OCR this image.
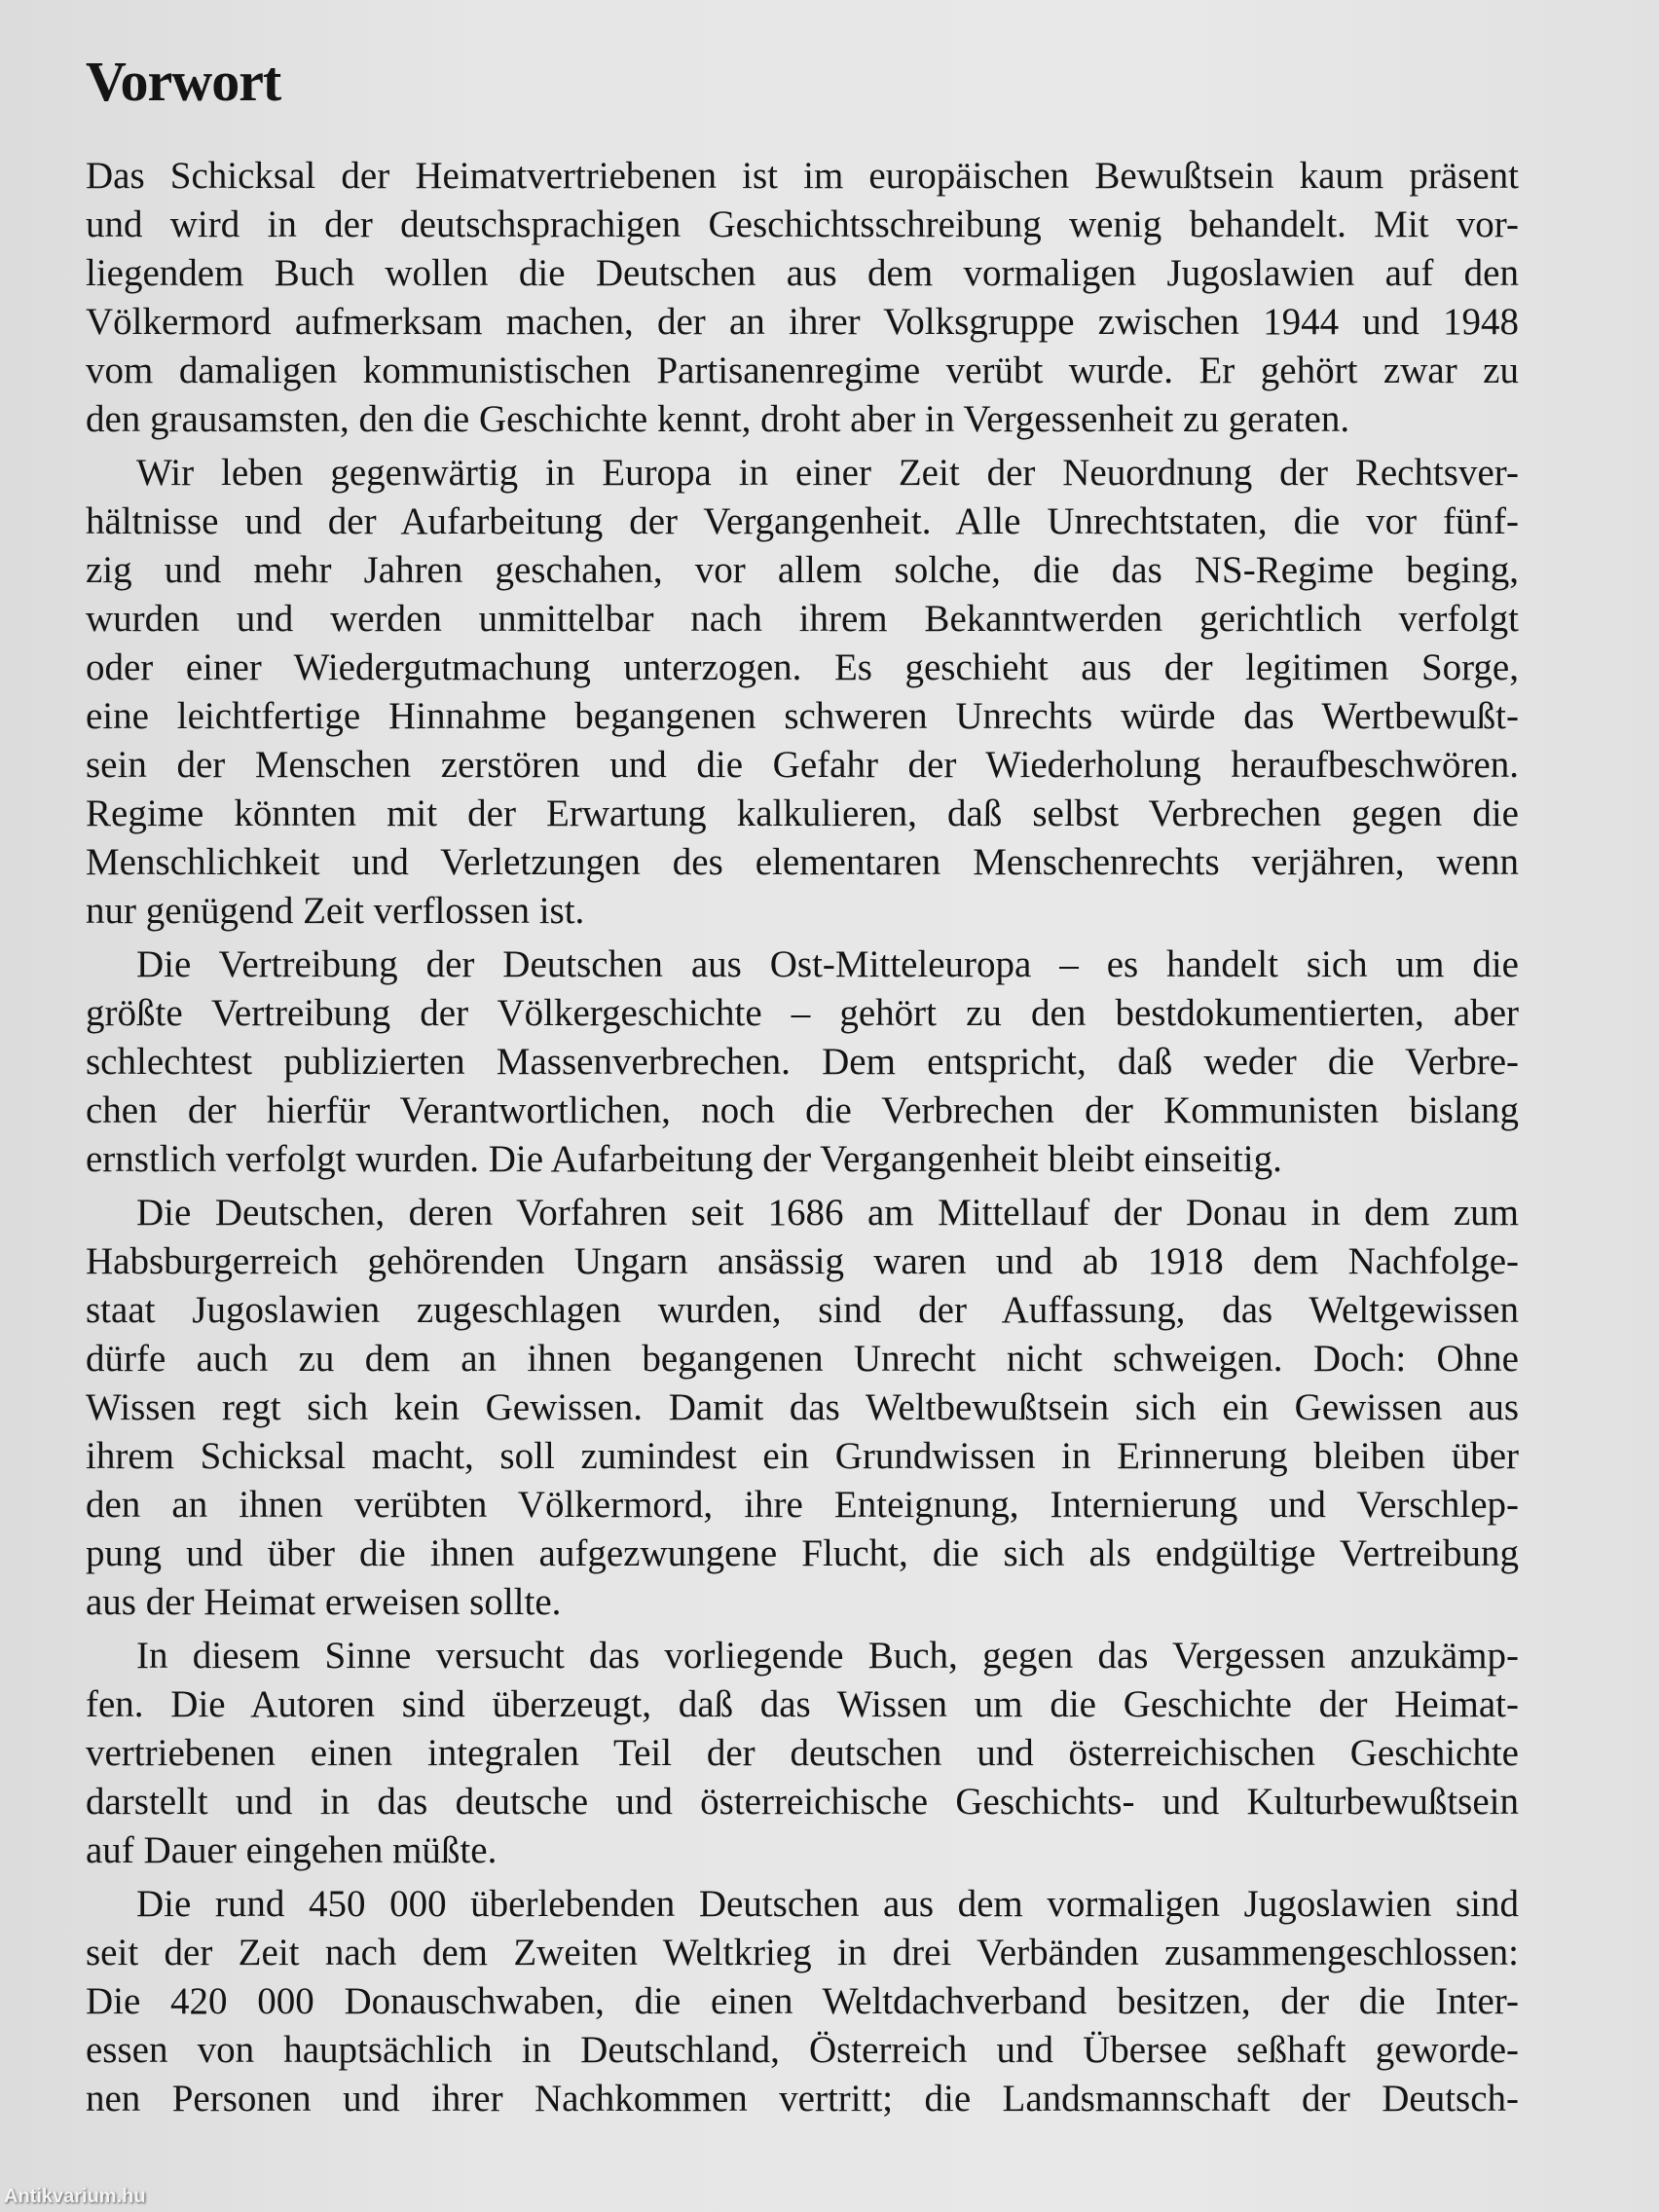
Vorwort
Das Schicksal der Heimatvertriebenen ist im europäischen Bewußtsein kaum präsent
und wird in der deutschsprachigen Geschichtsschreibung wenig behandelt. Mit vor-
liegendem Buch wollen die Deutschen aus dem vormaligen Jugoslawien auf den
Völkermord aufmerksam machen, der an ihrer Volksgruppe zwischen 1944 und 1948
vom damaligen kommunistischen Partisanenregime verübt wurde. Er gehört zwar zu
den grausamsten, den die Geschichte kennt, droht aber in Vergessenheit zu geraten.
Wir leben gegenwärtig in Europa in einer Zeit der Neuordnung der Rechtsver-
hältnisse und der Aufarbeitung der Vergangenheit. Alle Unrechtstaten, die vor fünf-
zig und mehr Jahren geschahen, vor allem solche, die das NS-Regime beging,
wurden und werden unmittelbar nach ihrem Bekanntwerden gerichtlich verfolgt
oder einer Wiedergutmachung unterzogen. Es geschieht aus der legitimen Sorge,
eine leichtfertige Hinnahme begangenen schweren Unrechts würde das Wertbewußt-
sein der Menschen zerstören und die Gefahr der Wiederholung heraufbeschwören.
Regime könnten mit der Erwartung kalkulieren, daß selbst Verbrechen gegen die
Menschlichkeit und Verletzungen des elementaren Menschenrechts verjähren, wenn
nur genügend Zeit verflossen ist.
Die Vertreibung der Deutschen aus Ost-Mitteleuropa – es handelt sich um die
größte Vertreibung der Völkergeschichte – gehört zu den bestdokumentierten, aber
schlechtest publizierten Massenverbrechen. Dem entspricht, daß weder die Verbre-
chen der hierfür Verantwortlichen, noch die Verbrechen der Kommunisten bislang
ernstlich verfolgt wurden. Die Aufarbeitung der Vergangenheit bleibt einseitig.
Die Deutschen, deren Vorfahren seit 1686 am Mittellauf der Donau in dem zum
Habsburgerreich gehörenden Ungarn ansässig waren und ab 1918 dem Nachfolge-
staat Jugoslawien zugeschlagen wurden, sind der Auffassung, das Weltgewissen
dürfe auch zu dem an ihnen begangenen Unrecht nicht schweigen. Doch: Ohne
Wissen regt sich kein Gewissen. Damit das Weltbewußtsein sich ein Gewissen aus
ihrem Schicksal macht, soll zumindest ein Grundwissen in Erinnerung bleiben über
den an ihnen verübten Völkermord, ihre Enteignung, Internierung und Verschlep-
pung und über die ihnen aufgezwungene Flucht, die sich als endgültige Vertreibung
aus der Heimat erweisen sollte.
In diesem Sinne versucht das vorliegende Buch, gegen das Vergessen anzukämp-
fen. Die Autoren sind überzeugt, daß das Wissen um die Geschichte der Heimat-
vertriebenen einen integralen Teil der deutschen und österreichischen Geschichte
darstellt und in das deutsche und österreichische Geschichts- und Kulturbewußtsein
auf Dauer eingehen müßte.
Die rund 450 000 überlebenden Deutschen aus dem vormaligen Jugoslawien sind
seit der Zeit nach dem Zweiten Weltkrieg in drei Verbänden zusammengeschlossen:
Die 420 000 Donauschwaben, die einen Weltdachverband besitzen, der die Inter-
essen von hauptsächlich in Deutschland, Österreich und Übersee seßhaft geworde-
nen Personen und ihrer Nachkommen vertritt; die Landsmannschaft der Deutsch-
Antikvarium.hu
